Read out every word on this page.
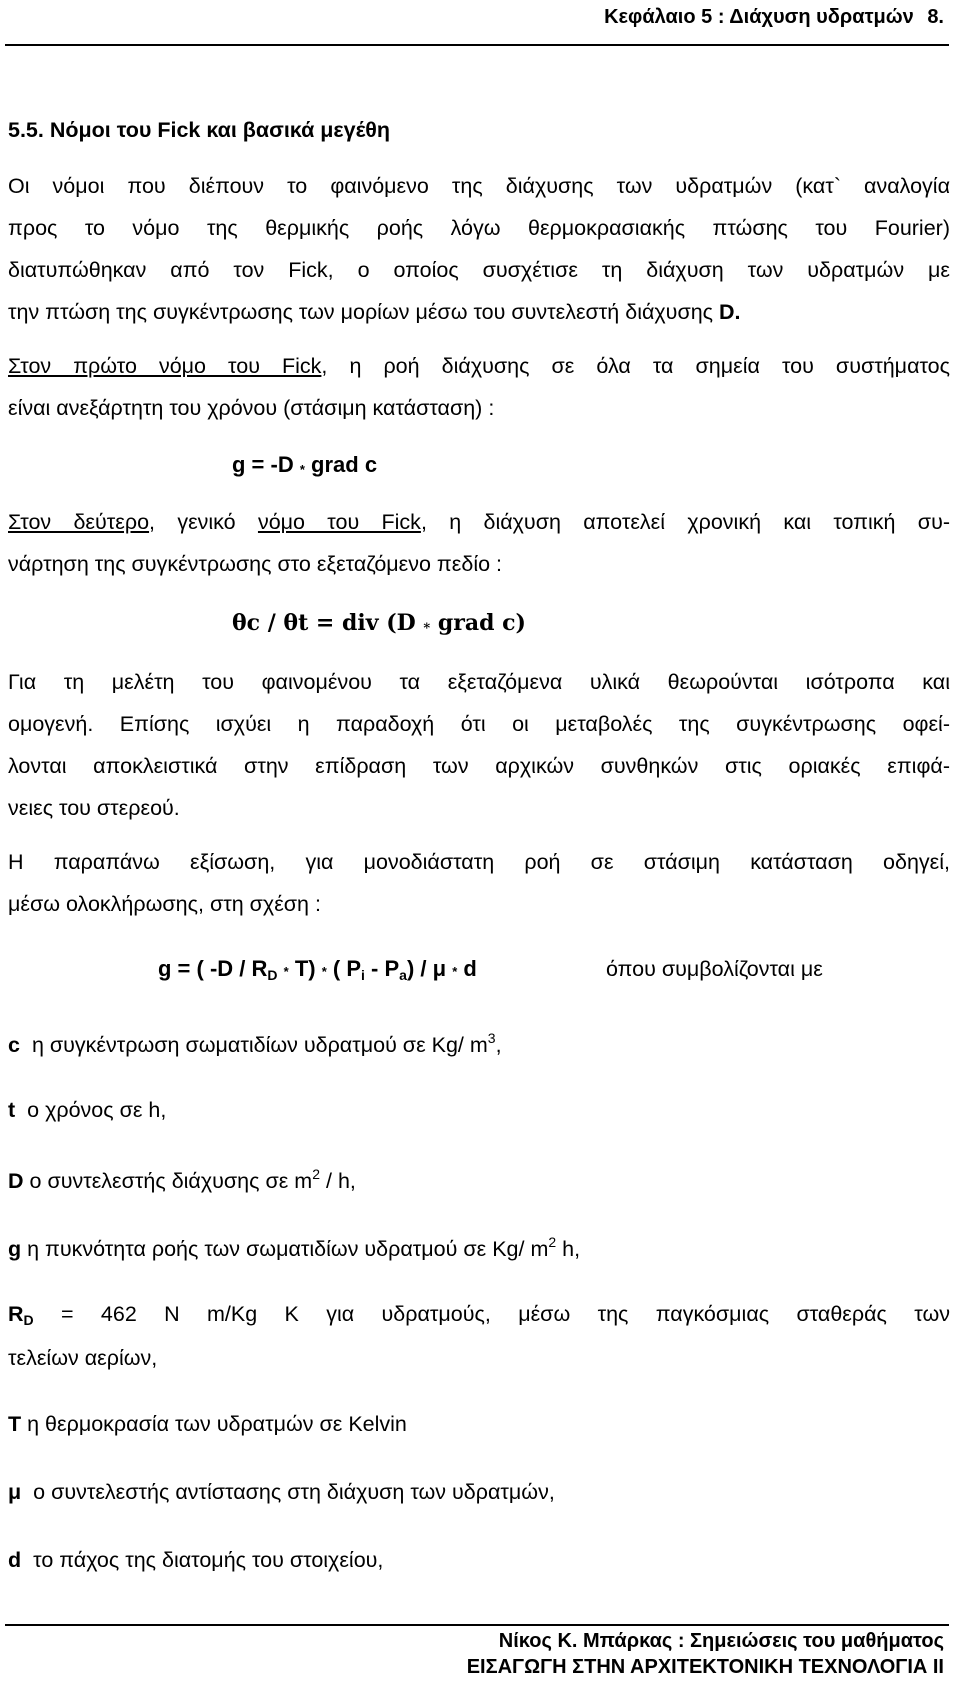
Κεφάλαιο 5 : Διάχυση υδρατμών 8.
5.5. Νόμοι του Fick και βασικά μεγέθη
Οι νόμοι που διέπουν το φαινόμενο της διάχυσης των υδρατμών (κατ` αναλογία
προς το νόμο της θερμικής ροής λόγω θερμοκρασιακής πτώσης του Fourier)
διατυπώθηκαν από τον Fick, ο οποίος συσχέτισε τη διάχυση των υδρατμών με
την πτώση της συγκέντρωσης των μορίων μέσω του συντελεστή διάχυσης D.
Στον πρώτο νόμο του Fick, η ροή διάχυσης σε όλα τα σημεία του συστήματος
είναι ανεξάρτητη του χρόνου (στάσιμη κατάσταση) :
g = -D * grad c
Στον δεύτερο, γενικό νόμο του Fick, η διάχυση αποτελεί χρονική και τοπική συ-
νάρτηση της συγκέντρωσης στο εξεταζόμενο πεδίο :
θc / θt = div (D * grad c)
Για τη μελέτη του φαινομένου τα εξεταζόμενα υλικά θεωρούνται ισότροπα και
ομογενή. Επίσης ισχύει η παραδοχή ότι οι μεταβολές της συγκέντρωσης οφεί-
λονται αποκλειστικά στην επίδραση των αρχικών συνθηκών στις οριακές επιφά-
νειες του στερεού.
Η παραπάνω εξίσωση, για μονοδιάστατη ροή σε στάσιμη κατάσταση οδηγεί,
μέσω ολοκλήρωσης, στη σχέση :
g = ( $-D / R_D * T$) * ( $P_i - P_a$) / μ * d	όπου συμβολίζονται με
c η συγκέντρωση σωματιδίων υδρατμού σε Kg/ $m^3$,
t ο χρόνος σε h,
D ο συντελεστής διάχυσης σε $m^2$ / h,
g η πυκνότητα ροής των σωματιδίων υδρατμού σε Kg/ $m^2$ h,
$R_D = 462$ N m/Kg K για υδρατμούς, μέσω της παγκόσμιας σταθεράς των
τελείων αερίων,
T η θερμοκρασία των υδρατμών σε Kelvin
μ ο συντελεστής αντίστασης στη διάχυση των υδρατμών,
d το πάχος της διατομής του στοιχείου,
Νίκος Κ. Μπάρκας : Σημειώσεις του μαθήματος
ΕΙΣΑΓΩΓΗ ΣΤΗΝ ΑΡΧΙΤΕΚΤΟΝΙΚΗ ΤΕΧΝΟΛΟΓΙΑ ΙΙ
